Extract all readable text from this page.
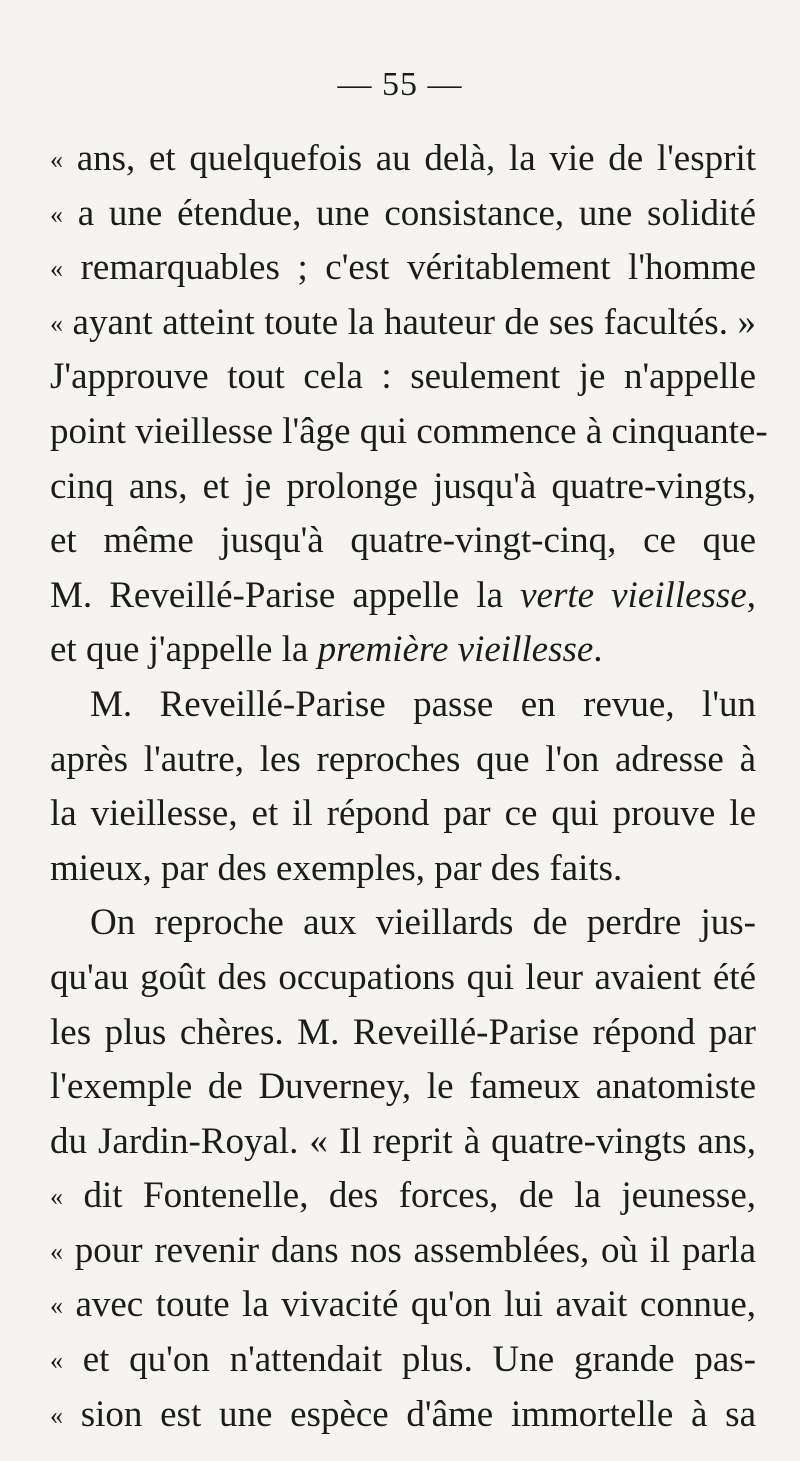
— 55 —
« ans, et quelquefois au delà, la vie de l'esprit
« a une étendue, une consistance, une solidité
« remarquables ; c'est véritablement l'homme
« ayant atteint toute la hauteur de ses facultés. »
J'approuve tout cela : seulement je n'appelle
point vieillesse l'âge qui commence à cinquante-
cinq ans, et je prolonge jusqu'à quatre-vingts,
et même jusqu'à quatre-vingt-cinq, ce que
M. Reveillé-Parise appelle la verte vieillesse,
et que j'appelle la première vieillesse.
M. Reveillé-Parise passe en revue, l'un
après l'autre, les reproches que l'on adresse à
la vieillesse, et il répond par ce qui prouve le
mieux, par des exemples, par des faits.
On reproche aux vieillards de perdre jus-
qu'au goût des occupations qui leur avaient été
les plus chères. M. Reveillé-Parise répond par
l'exemple de Duverney, le fameux anatomiste
du Jardin-Royal. « Il reprit à quatre-vingts ans,
« dit Fontenelle, des forces, de la jeunesse,
« pour revenir dans nos assemblées, où il parla
« avec toute la vivacité qu'on lui avait connue,
« et qu'on n'attendait plus. Une grande pas-
« sion est une espèce d'âme immortelle à sa
